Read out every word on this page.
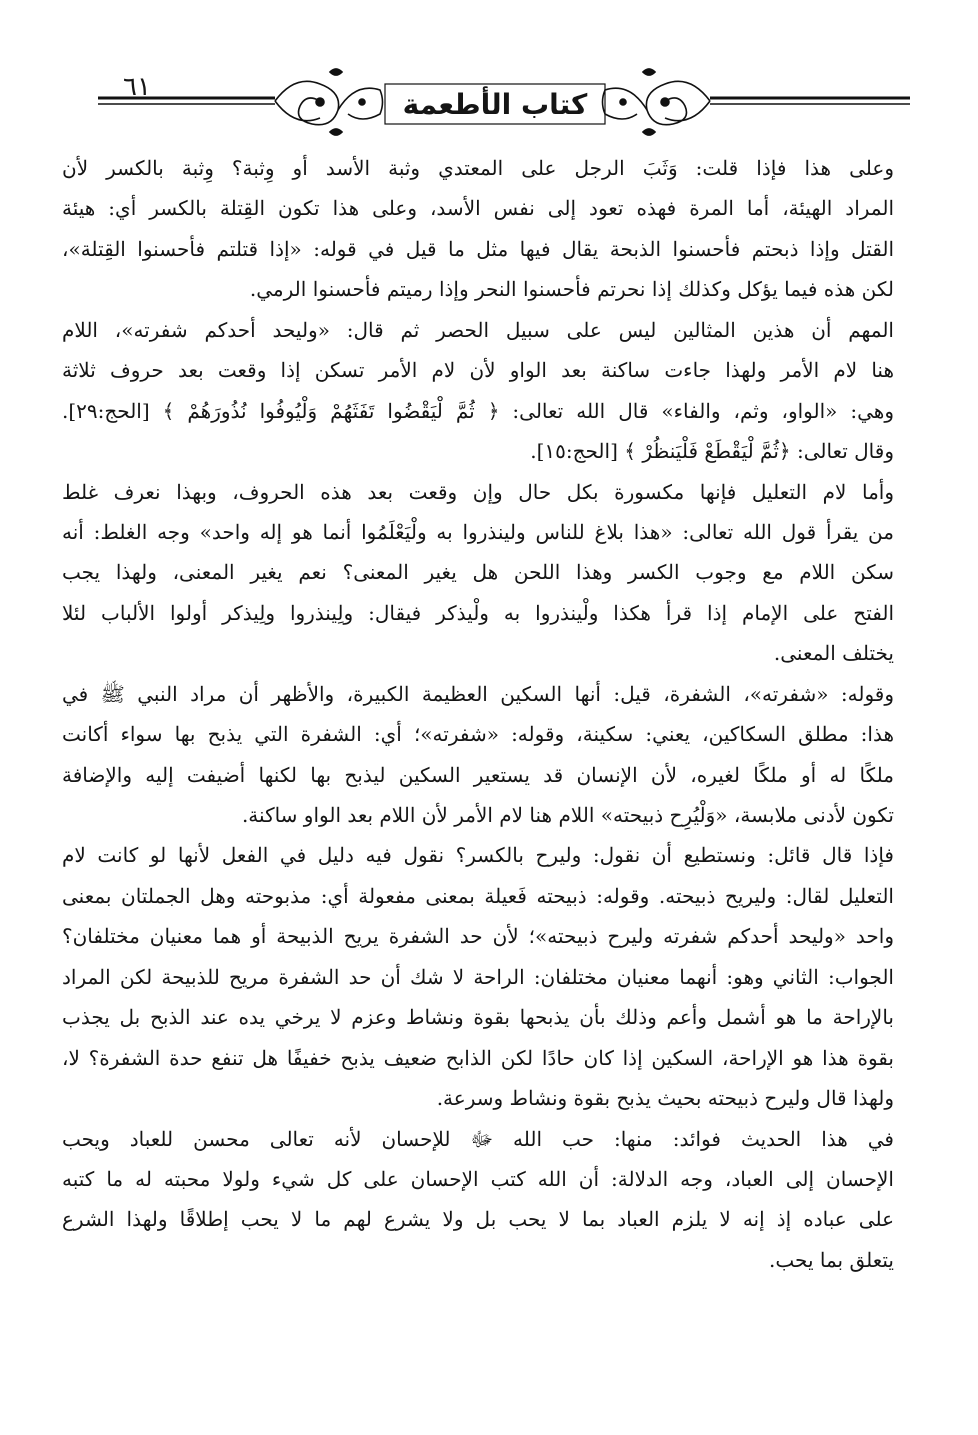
٦١
كتاب الأطعمة
وعلى هذا فإذا قلت: وَثَبَ الرجل على المعتدي وثبة الأسد أو وِثبة؟ وِثبة بالكسر لأن
المراد الهيئة، أما المرة فهذه تعود إلى نفس الأسد، وعلى هذا تكون القِتلة بالكسر أي: هيئة
القتل وإذا ذبحتم فأحسنوا الذبحة يقال فيها مثل ما قيل في قوله: «إذا قتلتم فأحسنوا القِتلة»،
لكن هذه فيما يؤكل وكذلك إذا نحرتم فأحسنوا النحر وإذا رميتم فأحسنوا الرمي.
المهم أن هذين المثالين ليس على سبيل الحصر ثم قال: «وليحد أحدكم شفرته»، اللام
هنا لام الأمر ولهذا جاءت ساكنة بعد الواو لأن لام الأمر تسكن إذا وقعت بعد حروف ثلاثة
وهي: «الواو، وثم، والفاء» قال الله تعالى: ﴿ ثُمَّ لْيَقْضُوا تَفَثَهُمْ وَلْيُوفُوا نُذُورَهُمْ ﴾ [الحج:٢٩].
وقال تعالى: ﴿ثُمَّ لْيَقْطَعْ فَلْيَنظُرْ ﴾ [الحج:١٥].
وأما لام التعليل فإنها مكسورة بكل حال وإن وقعت بعد هذه الحروف، وبهذا نعرف غلط
من يقرأ قول الله تعالى: «هذا بلاغ للناس ولينذروا به ولْيَعْلَمُوا أنما هو إله واحد» وجه الغلط: أنه
سكن اللام مع وجوب الكسر وهذا اللحن هل يغير المعنى؟ نعم يغير المعنى، ولهذا يجب
الفتح على الإمام إذا قرأ هكذا ولْينذروا به ولْيذكر فيقال: ولِينذروا ولِيذكر أولوا الألباب لئلا
يختلف المعنى.
وقوله: «شفرته»، الشفرة، قيل: أنها السكين العظيمة الكبيرة، والأظهر أن مراد النبي ﷺ في
هذا: مطلق السكاكين، يعني: سكينة، وقوله: «شفرته»؛ أي: الشفرة التي يذبح بها سواء أكانت
ملكًا له أو ملكًا لغيره، لأن الإنسان قد يستعير السكين ليذبح بها لكنها أضيفت إليه والإضافة
تكون لأدنى ملابسة، «وَلْيُرِح ذبيحته» اللام هنا لام الأمر لأن اللام بعد الواو ساكنة.
فإذا قال قائل: ونستطيع أن نقول: وليرح بالكسر؟ نقول فيه دليل في الفعل لأنها لو كانت لام
التعليل لقال: وليريح ذبيحته. وقوله: ذبيحته فَعيلة بمعنى مفعولة أي: مذبوحته وهل الجملتان بمعنى
واحد «وليحد أحدكم شفرته وليرح ذبيحته»؛ لأن حد الشفرة يريح الذبيحة أو هما معنيان مختلفان؟
الجواب: الثاني وهو: أنهما معنيان مختلفان: الراحة لا شك أن حد الشفرة مريح للذبيحة لكن المراد
بالإراحة ما هو أشمل وأعم وذلك بأن يذبحها بقوة ونشاط وعزم لا يرخي يده عند الذبح بل يجذب
بقوة هذا هو الإراحة، السكين إذا كان حادًا لكن الذابح ضعيف يذبح خفيفًا هل تنفع حدة الشفرة؟ لا،
ولهذا قال وليرح ذبيحته بحيث يذبح بقوة ونشاط وسرعة.
في هذا الحديث فوائد: منها: حب الله ﷻ للإحسان لأنه تعالى محسن للعباد ويحب
الإحسان إلى العباد، وجه الدلالة: أن الله كتب الإحسان على كل شيء ولولا محبته له ما كتبه
على عباده إذ إنه لا يلزم العباد بما لا يحب بل ولا يشرع لهم ما لا يحب إطلاقًا ولهذا الشرع
يتعلق بما يحب.
